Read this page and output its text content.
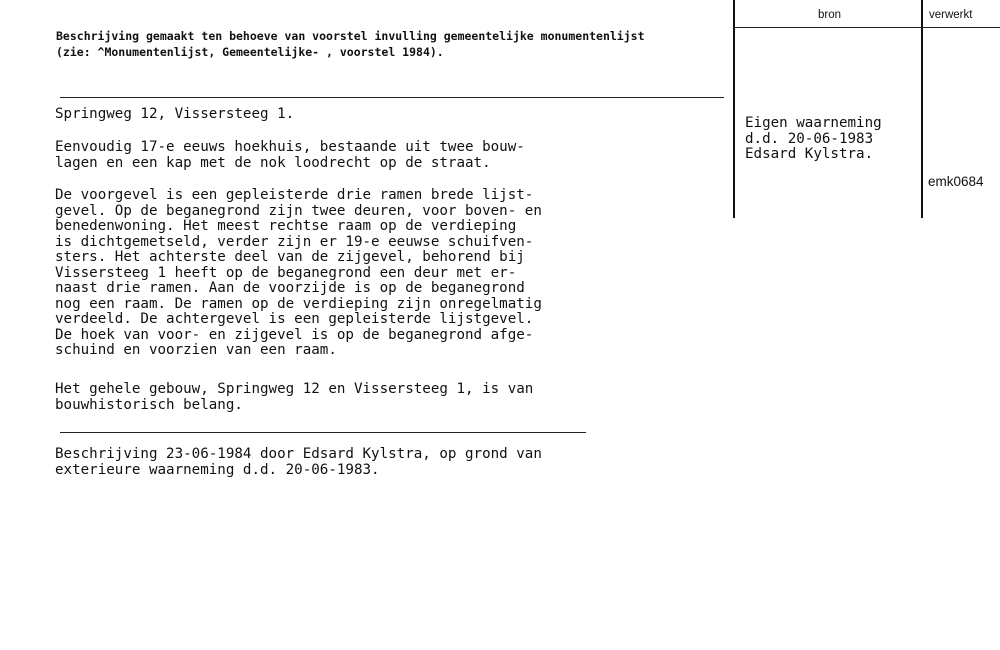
Beschrijving gemaakt ten behoeve van voorstel invulling gemeentelijke monumentenlijst
(zie: ^Monumentenlijst, Gemeentelijke- , voorstel 1984).
Springweg 12, Vissersteeg 1.
Eenvoudig 17-e eeuws hoekhuis, bestaande uit twee bouw-
lagen en een kap met de nok loodrecht op de straat.
De voorgevel is een gepleisterde drie ramen brede lijst-
gevel. Op de beganegrond zijn twee deuren, voor boven- en
benedenwoning. Het meest rechtse raam op de verdieping
is dichtgemetseld, verder zijn er 19-e eeuwse schuifven-
sters. Het achterste deel van de zijgevel, behorend bij
Vissersteeg 1 heeft op de beganegrond een deur met er-
naast drie ramen. Aan de voorzijde is op de beganegrond
nog een raam. De ramen op de verdieping zijn onregelmatig
verdeeld. De achtergevel is een gepleisterde lijstgevel.
De hoek van voor- en zijgevel is op de beganegrond afge-
schuind en voorzien van een raam.
Het gehele gebouw, Springweg 12 en Vissersteeg 1, is van
bouwhistorisch belang.
Beschrijving 23-06-1984 door Edsard Kylstra, op grond van
exterieure waarneming d.d. 20-06-1983.
bron	verwerkt
Eigen waarneming
d.d. 20-06-1983
Edsard Kylstra.
emk0684
